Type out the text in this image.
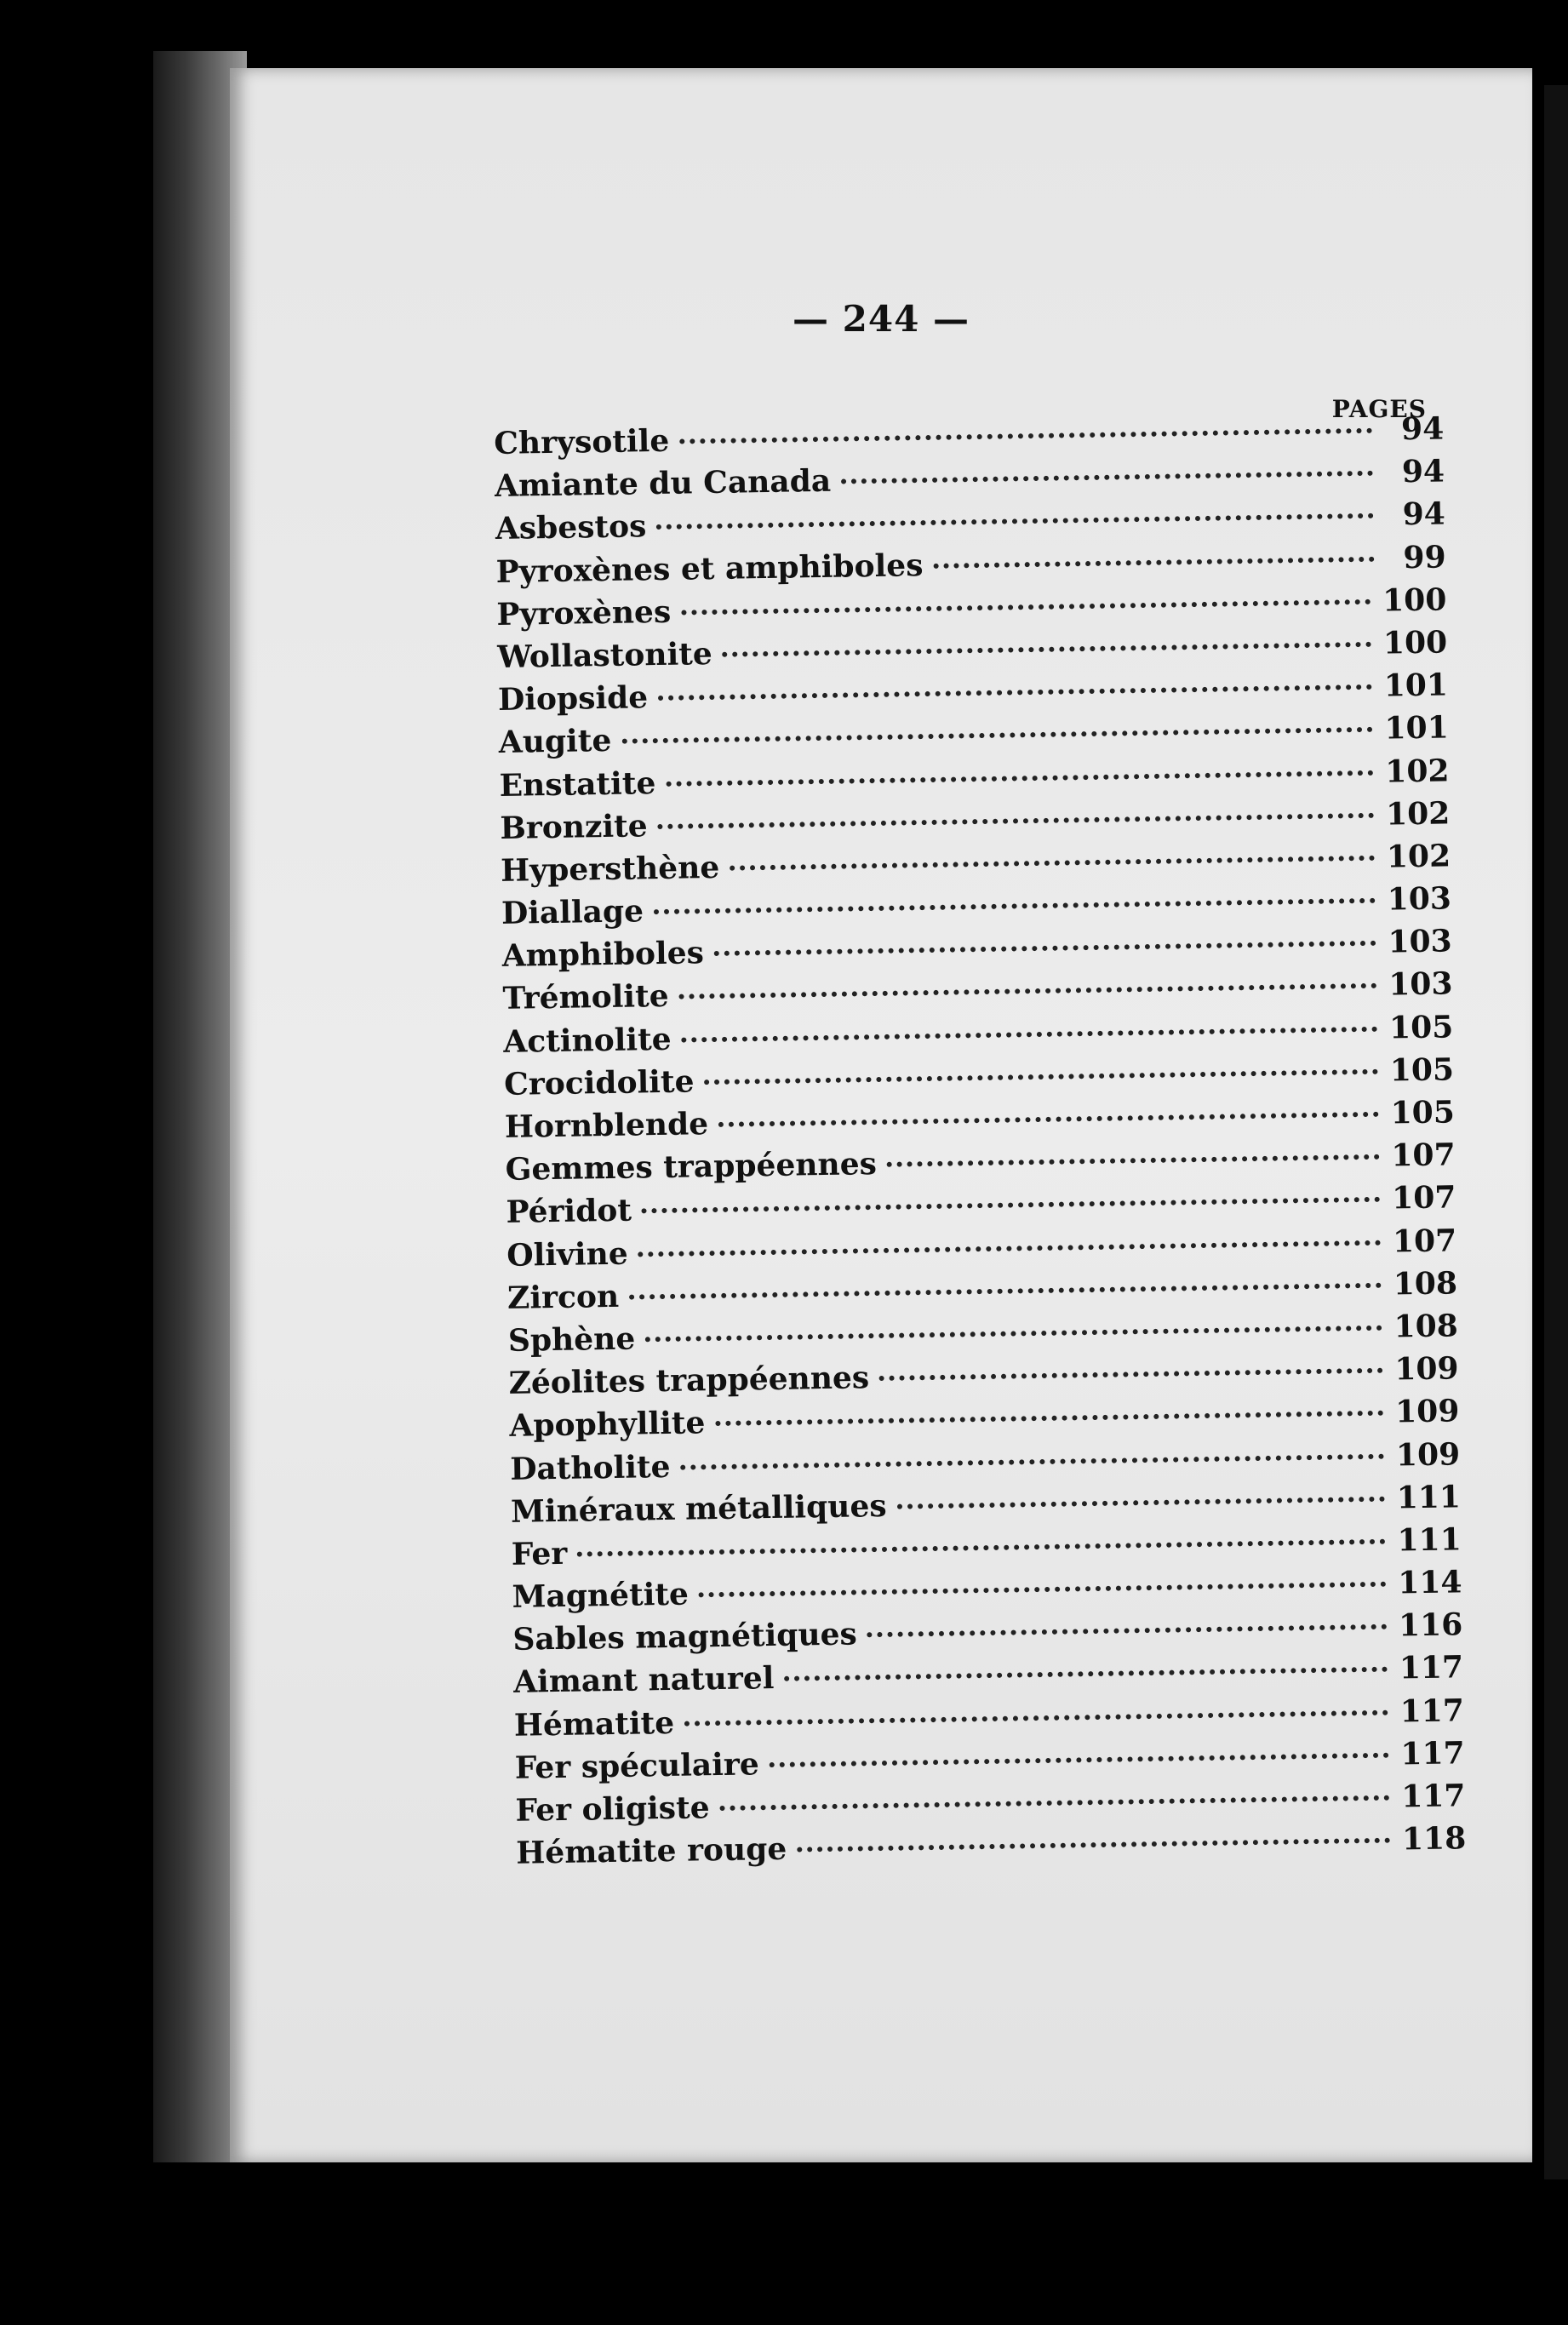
— 244 —
PAGES
Chrysotile	94
Amiante du Canada	94
Asbestos	94
Pyroxènes et amphiboles	99
Pyroxènes	100
Wollastonite	100
Diopside	101
Augite	101
Enstatite	102
Bronzite	102
Hypersthène	102
Diallage	103
Amphiboles	103
Trémolite	103
Actinolite	105
Crocidolite	105
Hornblende	105
Gemmes trappéennes	107
Péridot	107
Olivine	107
Zircon	108
Sphène	108
Zéolites trappéennes	109
Apophyllite	109
Datholite	109
Minéraux métalliques	111
Fer	111
Magnétite	114
Sables magnétiques	116
Aimant naturel	117
Hématite	117
Fer spéculaire	117
Fer oligiste	117
Hématite rouge	118
